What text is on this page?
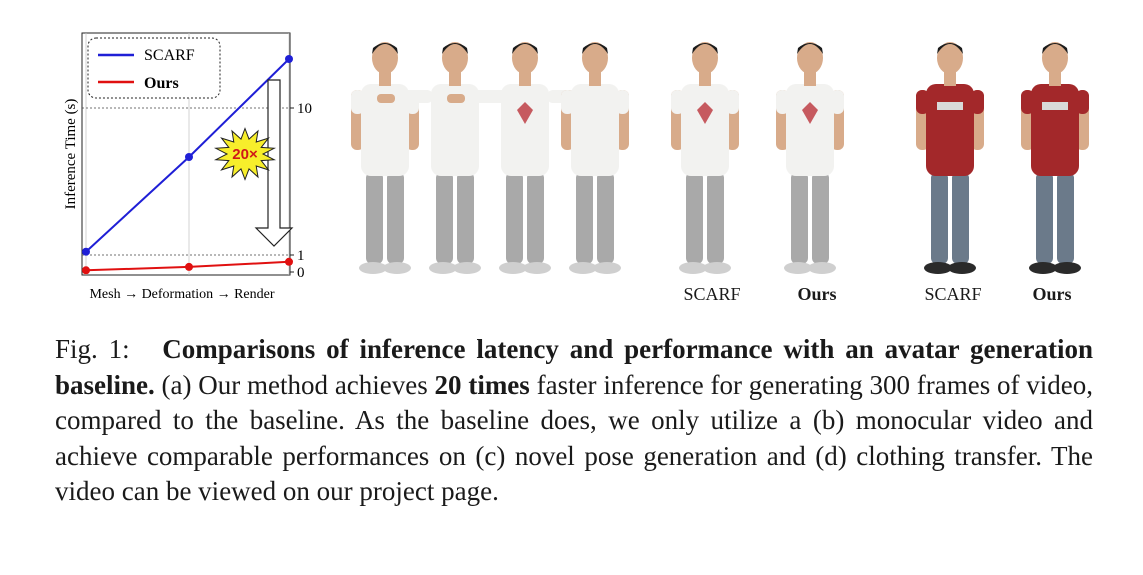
Inference Time (s)
Mesh → Deformation → Render
10
1
0
SCARF
Ours
20×
SCARF	Ours	SCARF	Ours
Fig. 1: Comparisons of inference latency and performance with an avatar generation baseline. (a) Our method achieves 20 times faster inference for generating 300 frames of video, compared to the baseline. As the baseline does, we only utilize a (b) monocular video and achieve comparable performances on (c) novel pose generation and (d) clothing transfer. The video can be viewed on our project page.
